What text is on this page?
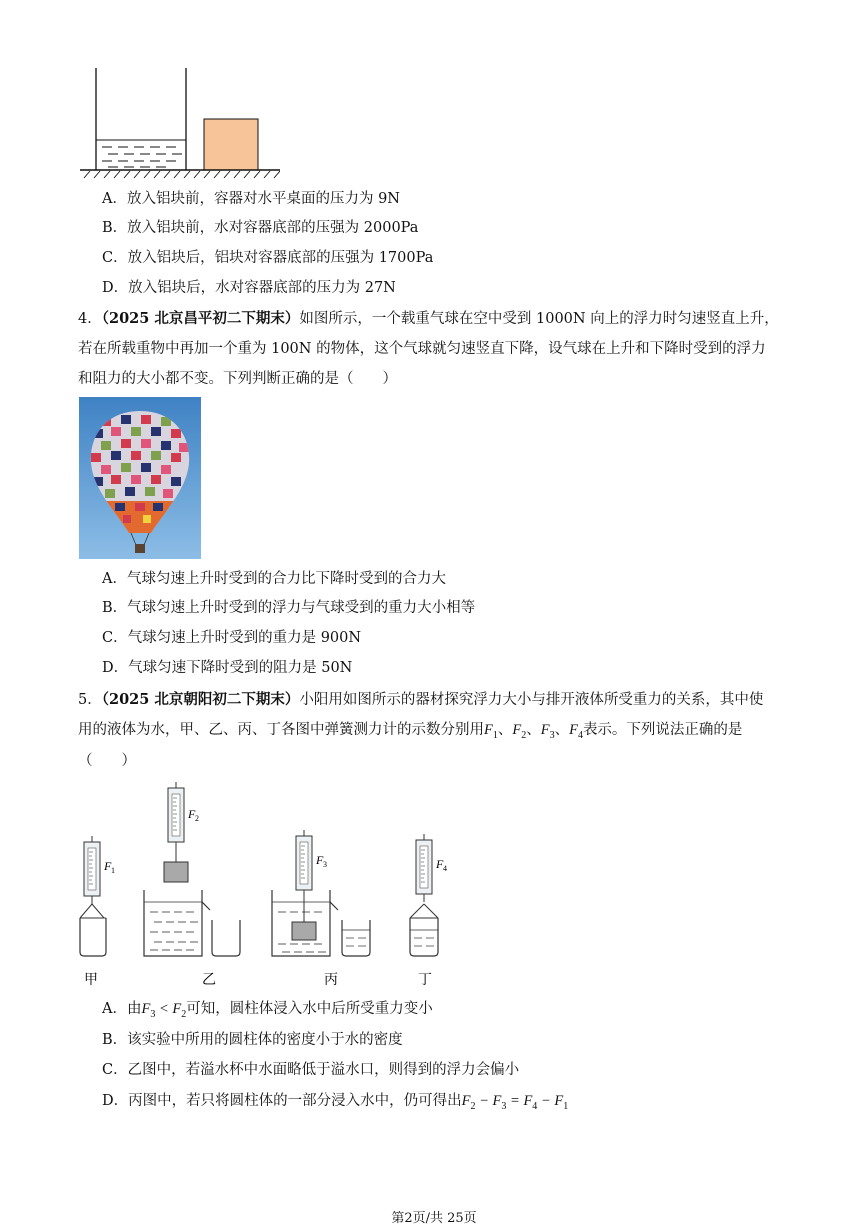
A．放入铝块前，容器对水平桌面的压力为 9N
B．放入铝块前，水对容器底部的压强为 2000Pa
C．放入铝块后，铝块对容器底部的压强为 1700Pa
D．放入铝块后，水对容器底部的压力为 27N
4．（2025 北京昌平初二下期末）如图所示，一个载重气球在空中受到 1000N 向上的浮力时匀速竖直上升，
若在所载重物中再加一个重为 100N 的物体，这个气球就匀速竖直下降，设气球在上升和下降时受到的浮力
和阻力的大小都不变。下列判断正确的是（　　）
A．气球匀速上升时受到的合力比下降时受到的合力大
B．气球匀速上升时受到的浮力与气球受到的重力大小相等
C．气球匀速上升时受到的重力是 900N
D．气球匀速下降时受到的阻力是 50N
5．（2025 北京朝阳初二下期末）小阳用如图所示的器材探究浮力大小与排开液体所受重力的关系，其中使
用的液体为水，甲、乙、丙、丁各图中弹簧测力计的示数分别用$F_1$、$F_2$、$F_3$、$F_4$表示。下列说法正确的是
（　　）
F 1
甲
F 2
乙
F 3
丙
F 4
丁
A．由$F_3 < F_2$可知，圆柱体浸入水中后所受重力变小
B．该实验中所用的圆柱体的密度小于水的密度
C．乙图中，若溢水杯中水面略低于溢水口，则得到的浮力会偏小
D．丙图中，若只将圆柱体的一部分浸入水中，仍可得出$F_2 - F_3 = F_4 - F_1$
第2页/共 25页
